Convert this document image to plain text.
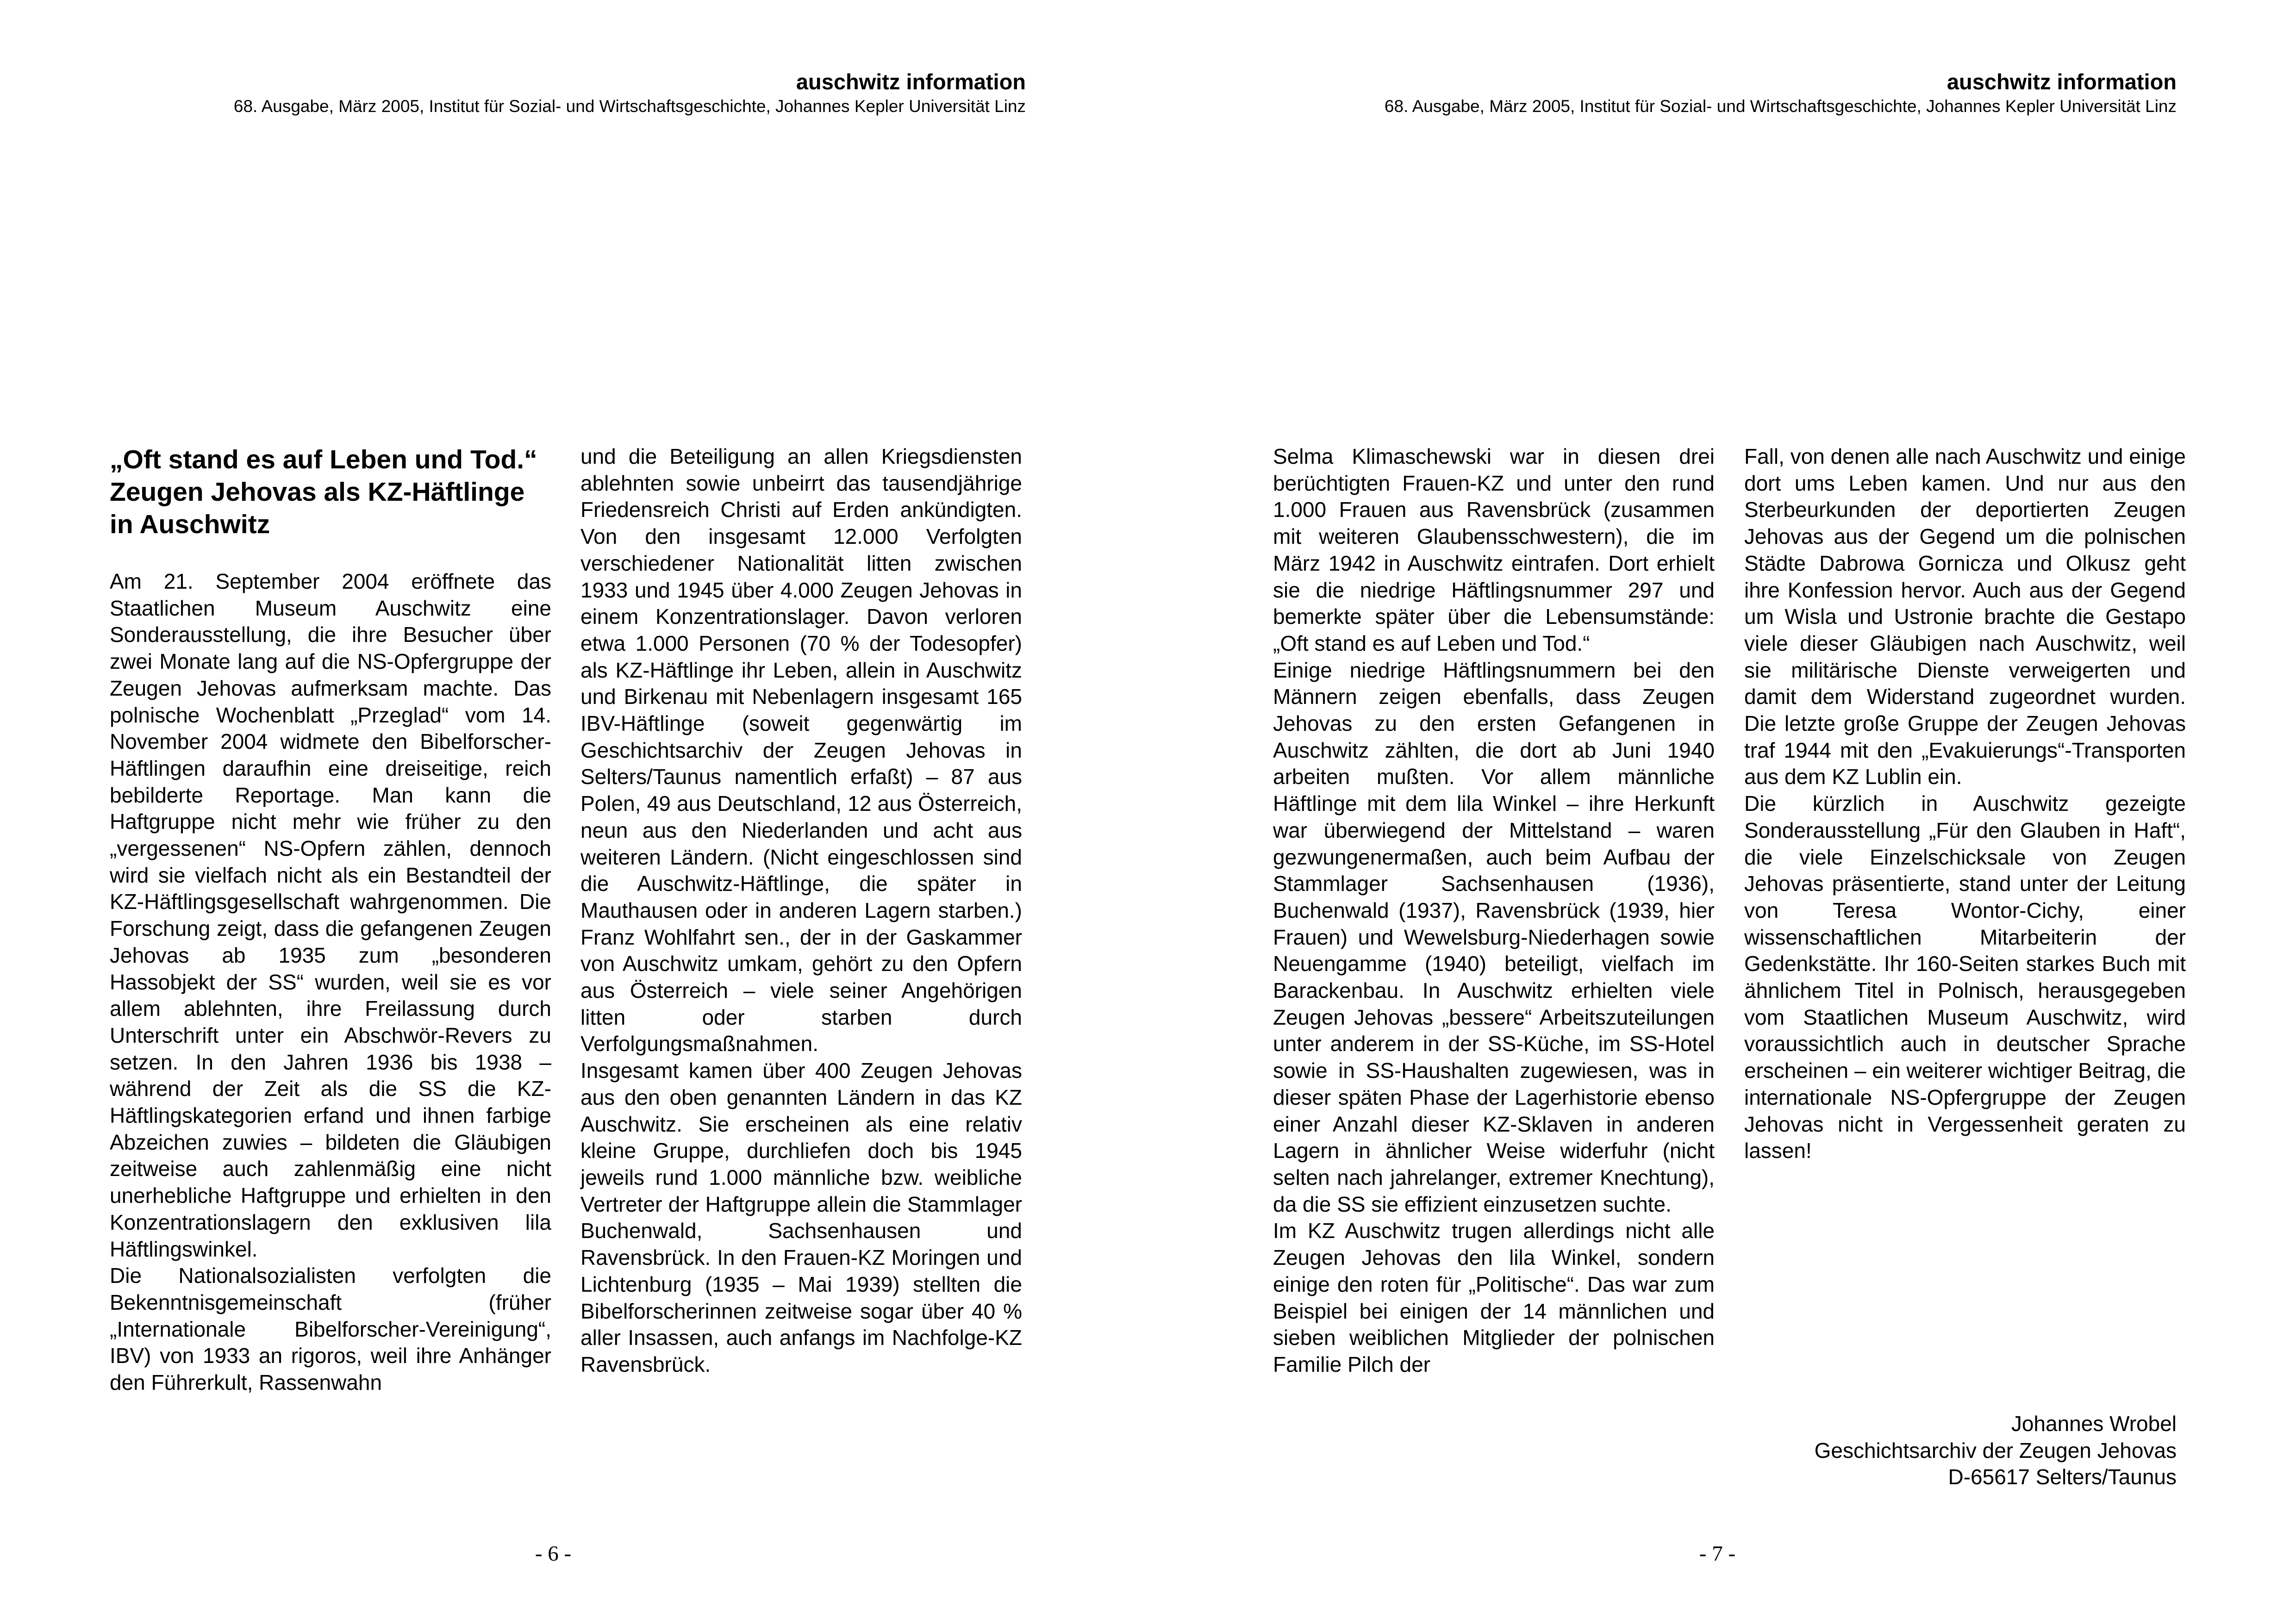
auschwitz information
68. Ausgabe, März 2005, Institut für Sozial- und Wirtschaftsgeschichte, Johannes Kepler Universität Linz
„Oft stand es auf Leben und Tod.“ Zeugen Jehovas als KZ-Häftlinge in Auschwitz

Am 21. September 2004 eröffnete das Staatlichen Museum Auschwitz eine Sonderausstellung, die ihre Besucher über zwei Monate lang auf die NS-Opfergruppe der Zeugen Jehovas aufmerksam machte. Das polnische Wochenblatt „Przeglad“ vom 14. November 2004 widmete den Bibelforscher-Häftlingen daraufhin eine dreiseitige, reich bebilderte Reportage. Man kann die Haftgruppe nicht mehr wie früher zu den „vergessenen“ NS-Opfern zählen, dennoch wird sie vielfach nicht als ein Bestandteil der KZ-Häftlingsgesellschaft wahrgenommen. Die Forschung zeigt, dass die gefangenen Zeugen Jehovas ab 1935 zum „besonderen Hassobjekt der SS“ wurden, weil sie es vor allem ablehnten, ihre Freilassung durch Unterschrift unter ein Abschwör-Revers zu setzen. In den Jahren 1936 bis 1938 – während der Zeit als die SS die KZ-Häftlingskategorien erfand und ihnen farbige Abzeichen zuwies – bildeten die Gläubigen zeitweise auch zahlenmäßig eine nicht unerhebliche Haftgruppe und erhielten in den Konzentrationslagern den exklusiven lila Häftlingswinkel.

Die Nationalsozialisten verfolgten die Bekenntnisgemeinschaft (früher „Internationale Bibelforscher-Vereinigung“, IBV) von 1933 an rigoros, weil ihre Anhänger den Führerkult, Rassenwahn

und die Beteiligung an allen Kriegsdiensten ablehnten sowie unbeirrt das tausendjährige Friedensreich Christi auf Erden ankündigten. Von den insgesamt 12.000 Verfolgten verschiedener Nationalität litten zwischen 1933 und 1945 über 4.000 Zeugen Jehovas in einem Konzentrationslager. Davon verloren etwa 1.000 Personen (70 % der Todesopfer) als KZ-Häftlinge ihr Leben, allein in Auschwitz und Birkenau mit Nebenlagern insgesamt 165 IBV-Häftlinge (soweit gegenwärtig im Geschichtsarchiv der Zeugen Jehovas in Selters/Taunus namentlich erfaßt) – 87 aus Polen, 49 aus Deutschland, 12 aus Österreich, neun aus den Niederlanden und acht aus weiteren Ländern. (Nicht eingeschlossen sind die Auschwitz-Häftlinge, die später in Mauthausen oder in anderen Lagern starben.) Franz Wohlfahrt sen., der in der Gaskammer von Auschwitz umkam, gehört zu den Opfern aus Österreich – viele seiner Angehörigen litten oder starben durch Verfolgungsmaßnahmen.

Insgesamt kamen über 400 Zeugen Jehovas aus den oben genannten Ländern in das KZ Auschwitz. Sie erscheinen als eine relativ kleine Gruppe, durchliefen doch bis 1945 jeweils rund 1.000 männliche bzw. weibliche Vertreter der Haftgruppe allein die Stammlager Buchenwald, Sachsenhausen und Ravensbrück. In den Frauen-KZ Moringen und Lichtenburg (1935 – Mai 1939) stellten die Bibelforscherinnen zeitweise sogar über 40 % aller Insassen, auch anfangs im Nachfolge-KZ Ravensbrück.

- 6 -
auschwitz information
68. Ausgabe, März 2005, Institut für Sozial- und Wirtschaftsgeschichte, Johannes Kepler Universität Linz

Selma Klimaschewski war in diesen drei berüchtigten Frauen-KZ und unter den rund 1.000 Frauen aus Ravensbrück (zusammen mit weiteren Glaubensschwestern), die im März 1942 in Auschwitz eintrafen. Dort erhielt sie die niedrige Häftlingsnummer 297 und bemerkte später über die Lebensumstände: „Oft stand es auf Leben und Tod.“

Einige niedrige Häftlingsnummern bei den Männern zeigen ebenfalls, dass Zeugen Jehovas zu den ersten Gefangenen in Auschwitz zählten, die dort ab Juni 1940 arbeiten mußten. Vor allem männliche Häftlinge mit dem lila Winkel – ihre Herkunft war überwiegend der Mittelstand – waren gezwungenermaßen, auch beim Aufbau der Stammlager Sachsenhausen (1936), Buchenwald (1937), Ravensbrück (1939, hier Frauen) und Wewelsburg-Niederhagen sowie Neuengamme (1940) beteiligt, vielfach im Barackenbau. In Auschwitz erhielten viele Zeugen Jehovas „bessere“ Arbeitszuteilungen unter anderem in der SS-Küche, im SS-Hotel sowie in SS-Haushalten zugewiesen, was in dieser späten Phase der Lagerhistorie ebenso einer Anzahl dieser KZ-Sklaven in anderen Lagern in ähnlicher Weise widerfuhr (nicht selten nach jahrelanger, extremer Knechtung), da die SS sie effizient einzusetzen suchte.

Im KZ Auschwitz trugen allerdings nicht alle Zeugen Jehovas den lila Winkel, sondern einige den roten für „Politische“. Das war zum Beispiel bei einigen der 14 männlichen und sieben weiblichen Mitglieder der polnischen Familie Pilch der

Fall, von denen alle nach Auschwitz und einige dort ums Leben kamen. Und nur aus den Sterbeurkunden der deportierten Zeugen Jehovas aus der Gegend um die polnischen Städte Dabrowa Gornicza und Olkusz geht ihre Konfession hervor. Auch aus der Gegend um Wisla und Ustronie brachte die Gestapo viele dieser Gläubigen nach Auschwitz, weil sie militärische Dienste verweigerten und damit dem Widerstand zugeordnet wurden. Die letzte große Gruppe der Zeugen Jehovas traf 1944 mit den „Evakuierungs“-Transporten aus dem KZ Lublin ein.

Die kürzlich in Auschwitz gezeigte Sonderausstellung „Für den Glauben in Haft“, die viele Einzelschicksale von Zeugen Jehovas präsentierte, stand unter der Leitung von Teresa Wontor-Cichy, einer wissenschaftlichen Mitarbeiterin der Gedenkstätte. Ihr 160-Seiten starkes Buch mit ähnlichem Titel in Polnisch, herausgegeben vom Staatlichen Museum Auschwitz, wird voraussichtlich auch in deutscher Sprache erscheinen – ein weiterer wichtiger Beitrag, die internationale NS-Opfergruppe der Zeugen Jehovas nicht in Vergessenheit geraten zu lassen!

Johannes Wrobel
Geschichtsarchiv der Zeugen Jehovas
D-65617 Selters/Taunus
- 7 -
